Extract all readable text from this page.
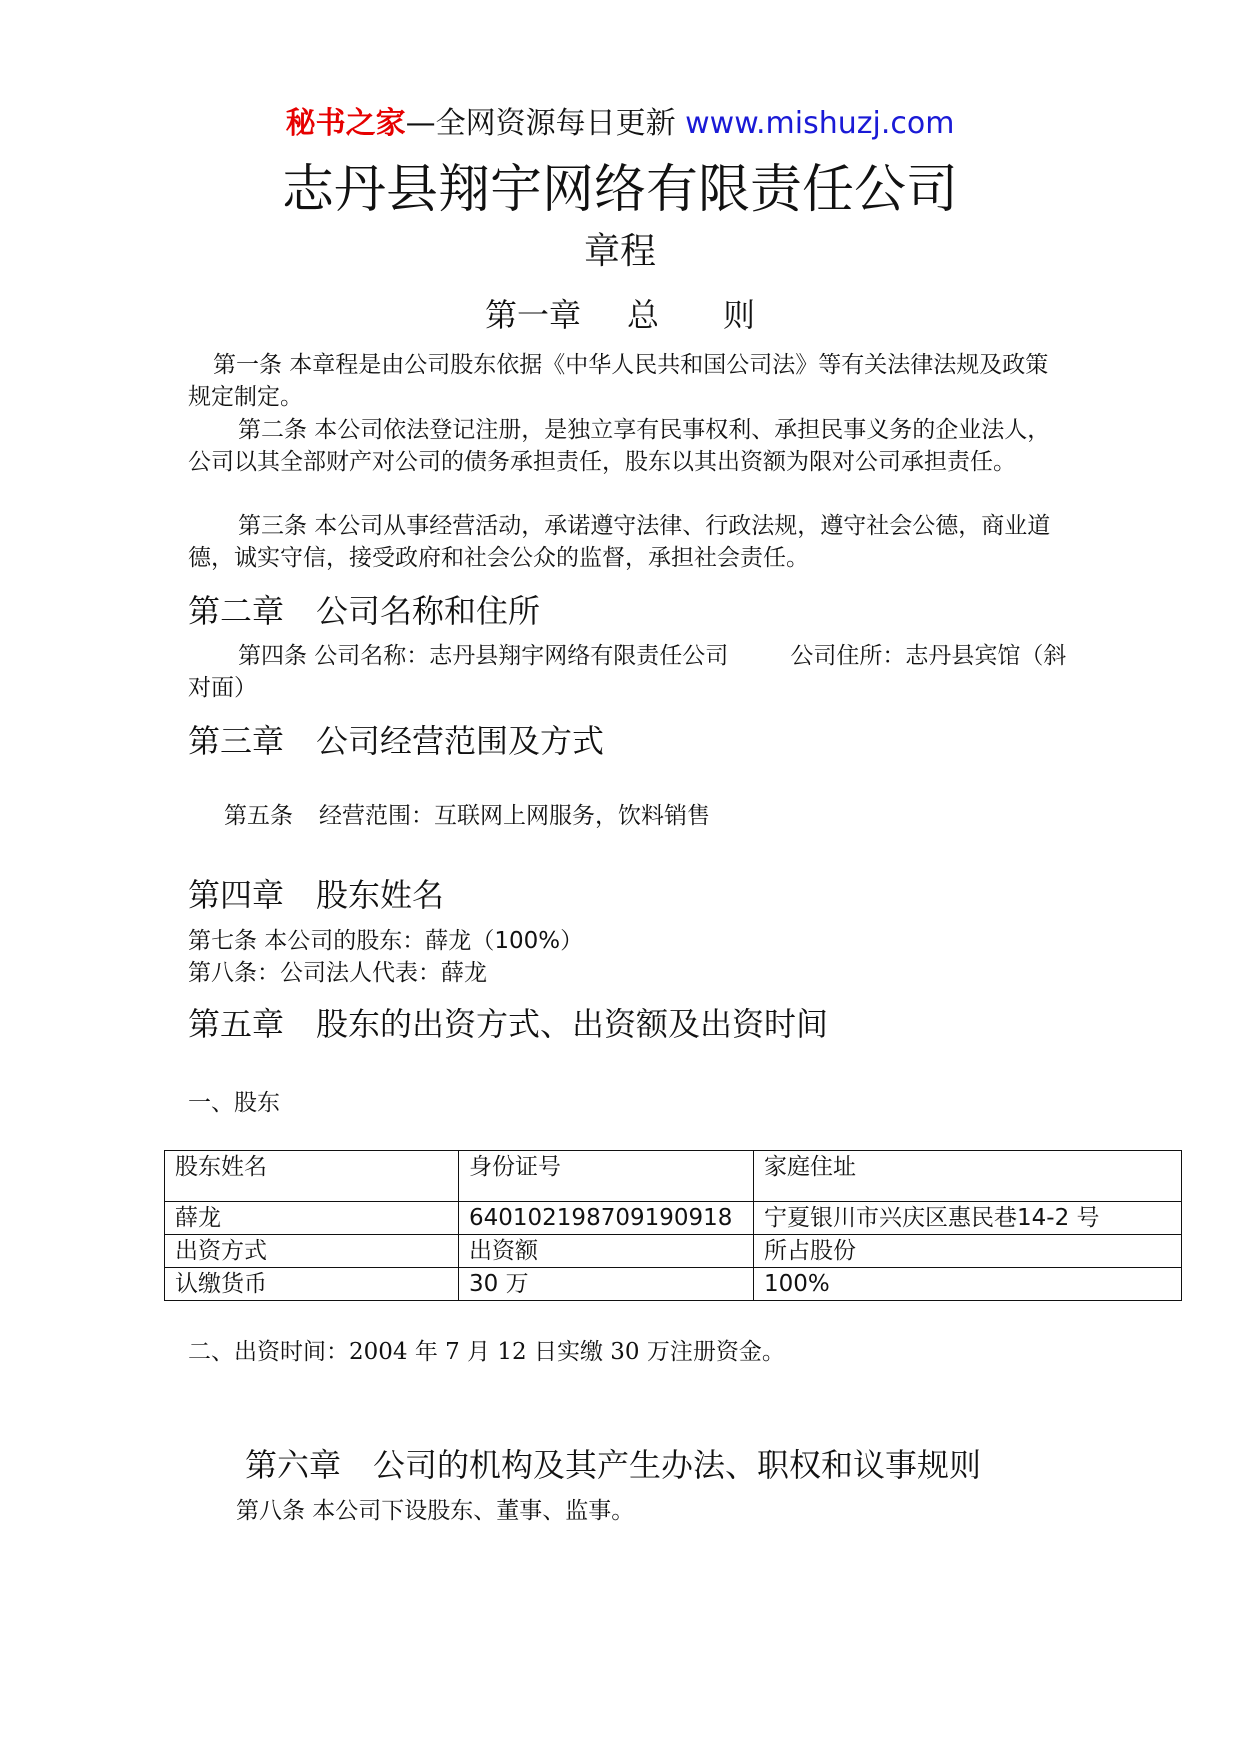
秘书之家—全网资源每日更新 www.mishuzj.com
志丹县翔宇网络有限责任公司
章程
第一章 总 则
第一条 本章程是由公司股东依据《中华人民共和国公司法》等有关法律法规及政策规定制定。
第二条 本公司依法登记注册，是独立享有民事权利、承担民事义务的企业法人，公司以其全部财产对公司的债务承担责任，股东以其出资额为限对公司承担责任。
第三条 本公司从事经营活动，承诺遵守法律、行政法规，遵守社会公德，商业道德，诚实守信，接受政府和社会公众的监督，承担社会责任。
第二章 公司名称和住所
第四条 公司名称：志丹县翔宇网络有限责任公司	公司住所：志丹县宾馆（斜对面）
第三章 公司经营范围及方式
第五条 经营范围：互联网上网服务，饮料销售
第四章 股东姓名
第七条 本公司的股东：薛龙（100%）
第八条：公司法人代表：薛龙
第五章 股东的出资方式、出资额及出资时间
一、股东
股东姓名	身份证号	家庭住址
薛龙	640102198709190918	宁夏银川市兴庆区惠民巷14-2 号
出资方式	出资额	所占股份
认缴货币	30 万	100%
二、出资时间：2004 年 7 月 12 日实缴 30 万注册资金。
第六章 公司的机构及其产生办法、职权和议事规则
第八条 本公司下设股东、董事、监事。
